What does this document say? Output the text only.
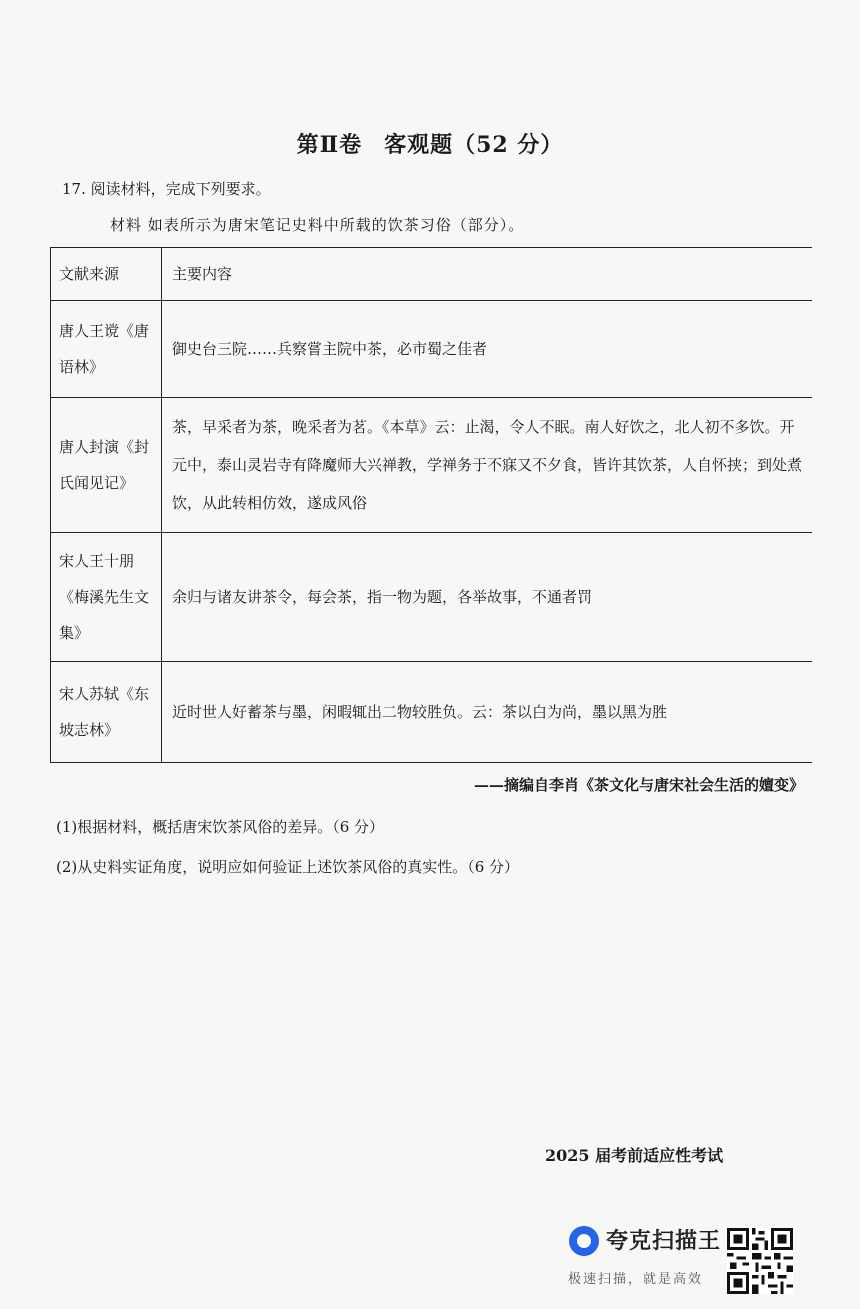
第Ⅱ卷 客观题（52 分）
17. 阅读材料，完成下列要求。
材料 如表所示为唐宋笔记史料中所载的饮茶习俗（部分）。
文献来源	主要内容
唐人王谠《唐语林》	御史台三院……兵察嘗主院中茶，必市蜀之佳者
唐人封演《封氏闻见记》	茶，早采者为茶，晚采者为茗。《本草》云：止渴，令人不眠。南人好饮之，北人初不多饮。开元中，泰山灵岩寺有降魔师大兴禅教，学禅务于不寐又不夕食，皆许其饮茶，人自怀挟；到处煮饮，从此转相仿效，遂成风俗
宋人王十朋《梅溪先生文集》	余归与诸友讲茶令，每会茶，指一物为题，各举故事，不通者罚
宋人苏轼《东坡志林》	近时世人好蓄茶与墨，闲暇辄出二物较胜负。云：茶以白为尚，墨以黑为胜
——摘编自李肖《茶文化与唐宋社会生活的嬗变》
(1)根据材料，概括唐宋饮茶风俗的差异。（6 分）
(2)从史料实证角度，说明应如何验证上述饮茶风俗的真实性。（6 分）
2025 届考前适应性考试
夸克扫描王
极速扫描，就是高效
